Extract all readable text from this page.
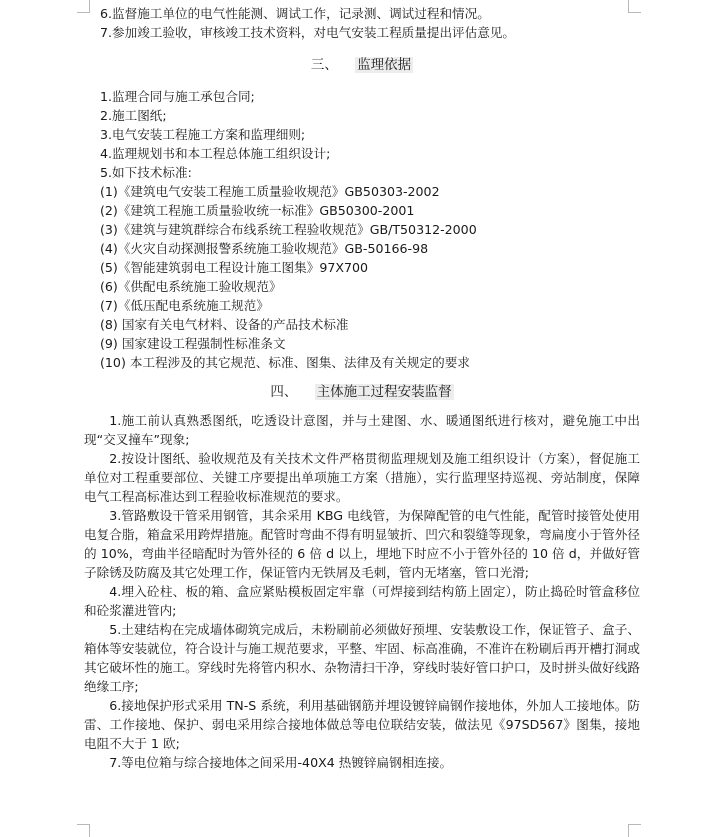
6.监督施工单位的电气性能测、调试工作，记录测、调试过程和情况。
7.参加竣工验收，审核竣工技术资料，对电气安装工程质量提出评估意见。

三、 监理依据

1.监理合同与施工承包合同;
2.施工图纸;
3.电气安装工程施工方案和监理细则;
4.监理规划书和本工程总体施工组织设计;
5.如下技术标准:
(1)《建筑电气安装工程施工质量验收规范》GB50303-2002
(2)《建筑工程施工质量验收统一标准》GB50300-2001
(3)《建筑与建筑群综合布线系统工程验收规范》GB/T50312-2000
(4)《火灾自动探测报警系统施工验收规范》GB-50166-98
(5)《智能建筑弱电工程设计施工图集》97X700
(6)《供配电系统施工验收规范》
(7)《低压配电系统施工规范》
(8) 国家有关电气材料、设备的产品技术标准
(9) 国家建设工程强制性标准条文
(10) 本工程涉及的其它规范、标准、图集、法律及有关规定的要求

四、 主体施工过程安装监督

1.施工前认真熟悉图纸，吃透设计意图，并与土建图、水、暖通图纸进行核对，避免施工中出现“交叉撞车”现象;

2.按设计图纸、验收规范及有关技术文件严格贯彻监理规划及施工组织设计（方案），督促施工单位对工程重要部位、关键工序要提出单项施工方案（措施），实行监理坚持巡视、旁站制度，保障电气工程高标准达到工程验收标准规范的要求。

3.管路敷设干管采用钢管，其余采用 KBG 电线管，为保障配管的电气性能，配管时接管处使用电复合脂，箱盒采用跨焊措施。配管时弯曲不得有明显皱折、凹穴和裂缝等现象，弯扁度小于管外径的 10%，弯曲半径暗配时为管外径的 6 倍 d 以上，埋地下时应不小于管外径的 10 倍 d，并做好管子除锈及防腐及其它处理工作，保证管内无铁屑及毛刺，管内无堵塞，管口光滑;

4.埋入砼柱、板的箱、盒应紧贴模板固定牢靠（可焊接到结构筋上固定），防止捣砼时管盒移位和砼浆灌进管内;

5.土建结构在完成墙体砌筑完成后，未粉刷前必须做好预埋、安装敷设工作，保证管子、盒子、箱体等安装就位，符合设计与施工规范要求，平整、牢固、标高准确，不准许在粉刷后再开槽打洞或其它破坏性的施工。穿线时先将管内积水、杂物清扫干净，穿线时装好管口护口，及时拼头做好线路绝缘工序;

6.接地保护形式采用 TN-S 系统，利用基础钢筋并埋设镀锌扁钢作接地体，外加人工接地体。防雷、工作接地、保护、弱电采用综合接地体做总等电位联结安装，做法见《97SD567》图集，接地电阻不大于 1 欧;

7.等电位箱与综合接地体之间采用-40X4 热镀锌扁钢相连接。
